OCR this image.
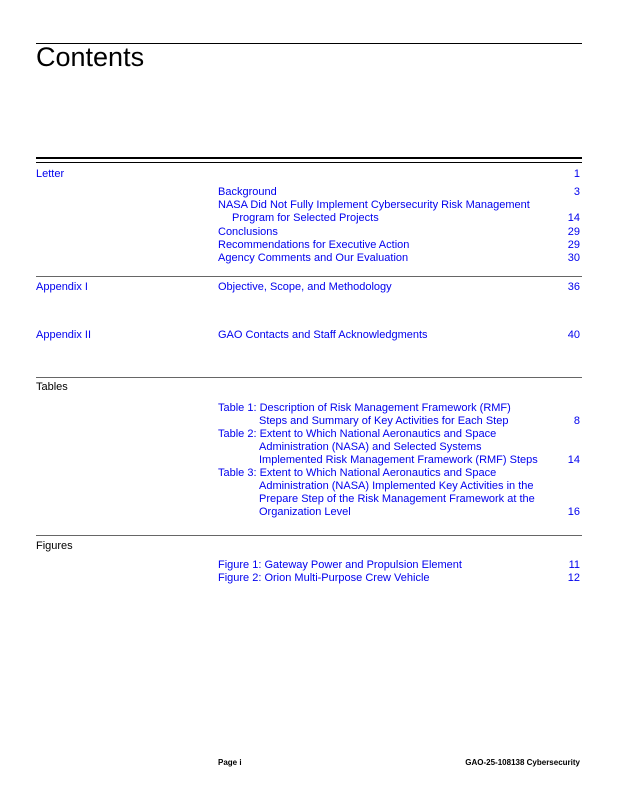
Contents
Letter	1
Background	3
NASA Did Not Fully Implement Cybersecurity Risk Management
Program for Selected Projects	14
Conclusions	29
Recommendations for Executive Action	29
Agency Comments and Our Evaluation	30
Appendix I	Objective, Scope, and Methodology	36
Appendix II	GAO Contacts and Staff Acknowledgments	40
Tables
Table 1: Description of Risk Management Framework (RMF)
Steps and Summary of Key Activities for Each Step	8
Table 2: Extent to Which National Aeronautics and Space
Administration (NASA) and Selected Systems
Implemented Risk Management Framework (RMF) Steps	14
Table 3: Extent to Which National Aeronautics and Space
Administration (NASA) Implemented Key Activities in the
Prepare Step of the Risk Management Framework at the
Organization Level	16
Figures
Figure 1: Gateway Power and Propulsion Element	11
Figure 2: Orion Multi-Purpose Crew Vehicle	12
Page i	GAO-25-108138 Cybersecurity
